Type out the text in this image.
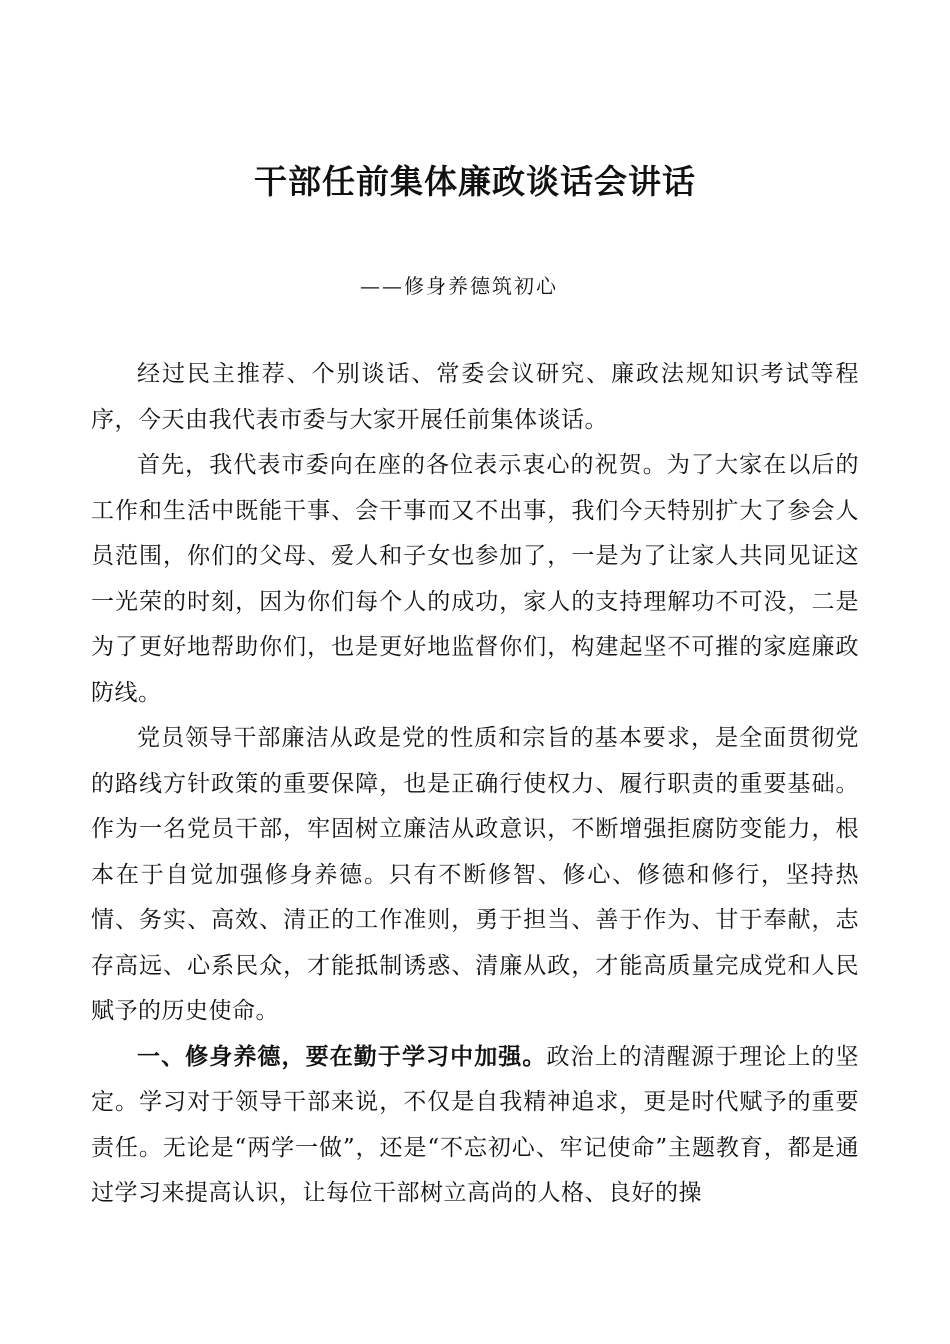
干部任前集体廉政谈话会讲话
——修身养德筑初心

经过民主推荐、个别谈话、常委会议研究、廉政法规知识考试等程序，今天由我代表市委与大家开展任前集体谈话。

首先，我代表市委向在座的各位表示衷心的祝贺。为了大家在以后的工作和生活中既能干事、会干事而又不出事，我们今天特别扩大了参会人员范围，你们的父母、爱人和子女也参加了，一是为了让家人共同见证这一光荣的时刻，因为你们每个人的成功，家人的支持理解功不可没，二是为了更好地帮助你们，也是更好地监督你们，构建起坚不可摧的家庭廉政防线。

党员领导干部廉洁从政是党的性质和宗旨的基本要求，是全面贯彻党的路线方针政策的重要保障，也是正确行使权力、履行职责的重要基础。作为一名党员干部，牢固树立廉洁从政意识，不断增强拒腐防变能力，根本在于自觉加强修身养德。只有不断修智、修心、修德和修行，坚持热情、务实、高效、清正的工作准则，勇于担当、善于作为、甘于奉献，志存高远、心系民众，才能抵制诱惑、清廉从政，才能高质量完成党和人民赋予的历史使命。

一、修身养德，要在勤于学习中加强。政治上的清醒源于理论上的坚定。学习对于领导干部来说，不仅是自我精神追求，更是时代赋予的重要责任。无论是“两学一做”，还是“不忘初心、牢记使命”主题教育，都是通过学习来提高认识，让每位干部树立高尚的人格、良好的操
